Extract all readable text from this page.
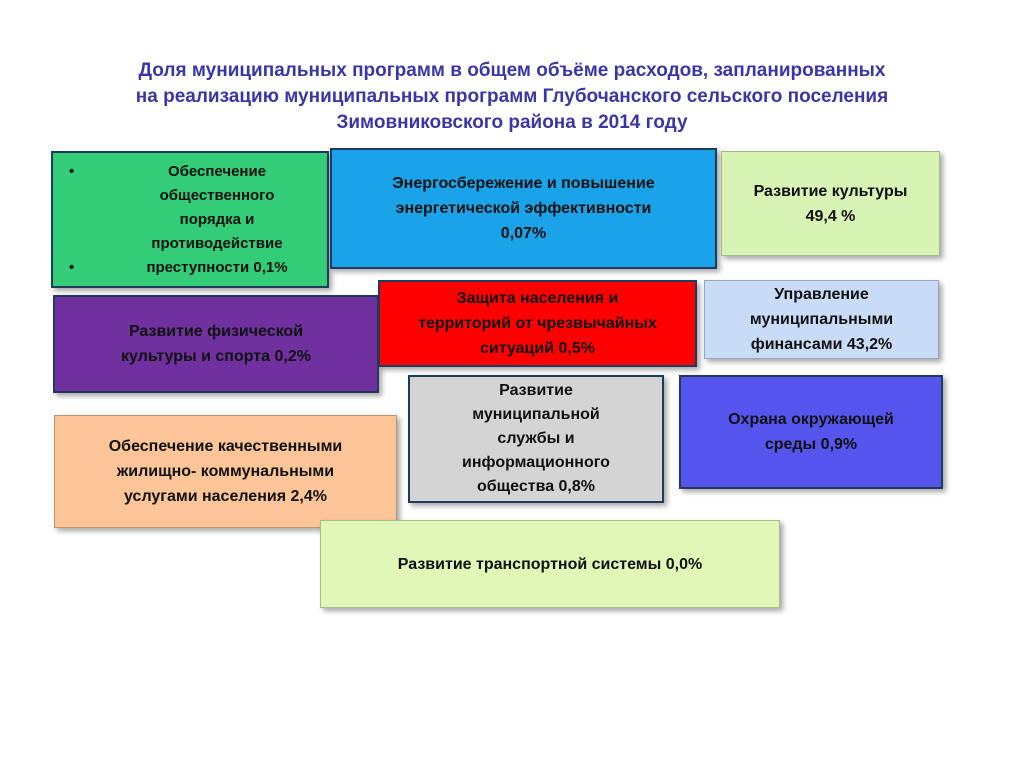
Доля муниципальных программ в общем объёме расходов, запланированных
на реализацию муниципальных программ Глубочанского сельского поселения
Зимовниковского района в 2014 году
•	Обеспечение общественного порядка и противодействие
•	преступности 0,1%
Энергосбережение и повышение
энергетической эффективности
0,07%
Развитие культуры
49,4 %
Развитие физической
культуры и спорта 0,2%
Защита населения и
территорий от чрезвычайных
ситуаций 0,5%
Управление
муниципальными
финансами 43,2%
Развитие
муниципальной
службы и
информационного
общества 0,8%
Охрана окружающей
среды 0,9%
Обеспечение качественными
жилищно- коммунальными
услугами населения 2,4%
Развитие транспортной системы 0,0%
